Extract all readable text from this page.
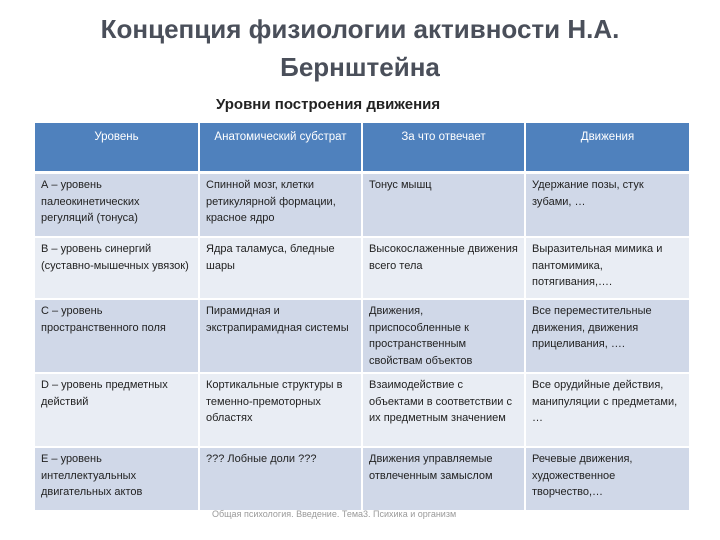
Концепция физиологии активности Н.А. Бернштейна
Уровни построения движения
Уровень	Анатомический субстрат	За что отвечает	Движения
А – уровень палеокинетических регуляций (тонуса)	Спинной мозг, клетки ретикулярной формации, красное ядро	Тонус мышц	Удержание позы, стук зубами, …
В – уровень синергий (суставно-мышечных увязок)	Ядра таламуса, бледные шары	Высокослаженные движения всего тела	Выразительная мимика и пантомимика, потягивания,….
С – уровень пространственного поля	Пирамидная и экстрапирамидная системы	Движения, приспособленные к пространственным свойствам объектов	Все переместительные движения, движения прицеливания, ….
D – уровень предметных действий	Кортикальные структуры в теменно-премоторных областях	Взаимодействие с объектами в соответствии с их предметным значением	Все орудийные действия, манипуляции с предметами, …
Е – уровень интеллектуальных двигательных актов	??? Лобные доли ???	Движения управляемые отвлеченным замыслом	Речевые движения, художественное творчество,…

Общая психология. Введение. Тема3. Психика и организм
